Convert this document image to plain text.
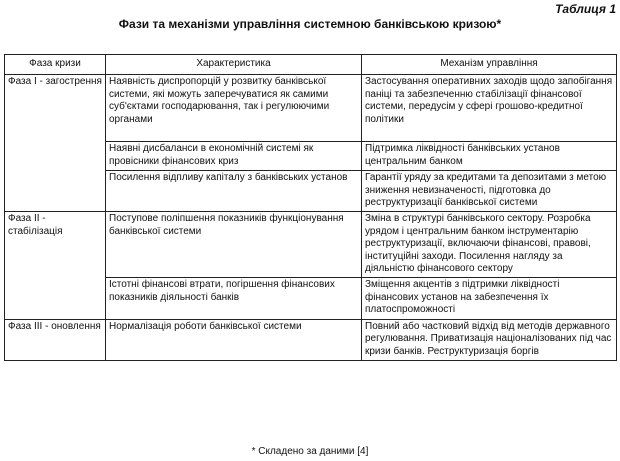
Таблиця 1
Фази та механізми управління системною банківською кризою*
Фаза кризи	Характеристика	Механізм управління
Фаза І - загострення	Наявність диспропорцій у розвитку банківської системи, які можуть заперечуватися як самими суб'єктами господарювання, так і регулюючими органами	Застосування оперативних заходів щодо запобігання паніці та забезпеченню стабілізації фінансової системи, передусім у сфері грошово-кредитної політики
	Наявні дисбаланси в економічній системі як провісники фінансових криз	Підтримка ліквідності банківських установ центральним банком
	Посилення відпливу капіталу з банківських установ	Гарантії уряду за кредитами та депозитами з метою зниження невизначеності, підготовка до реструктуризації банківської системи
Фаза ІІ - стабілізація	Поступове поліпшення показників функціонування банківської системи	Зміна в структурі банківського сектору. Розробка урядом і центральним банком інструментарію реструктуризації, включаючи фінансові, правові, інституційні заходи. Посилення нагляду за діяльністю фінансового сектору
	Істотні фінансові втрати, погіршення фінансових показників діяльності банків	Зміщення акцентів з підтримки ліквідності фінансових установ на забезпечення їх платоспроможності
Фаза ІІІ - оновлення	Нормалізація роботи банківської системи	Повний або частковий відхід від методів державного регулювання. Приватизація націоналізованих під час кризи банків. Реструктуризація боргів
* Складено за даними [4]
